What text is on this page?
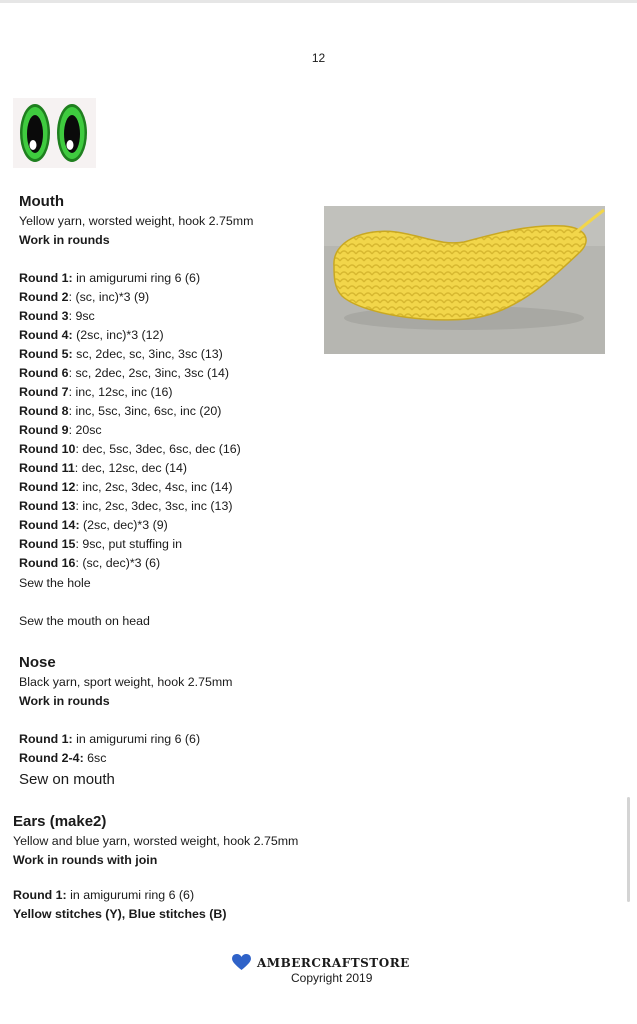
12
Mouth
Yellow yarn, worsted weight, hook 2.75mm
Work in rounds
Round 1: in amigurumi ring 6 (6)
Round 2: (sc, inc)*3 (9)
Round 3: 9sc
Round 4: (2sc, inc)*3 (12)
Round 5: sc, 2dec, sc, 3inc, 3sc (13)
Round 6: sc, 2dec, 2sc, 3inc, 3sc (14)
Round 7: inc, 12sc, inc (16)
Round 8: inc, 5sc, 3inc, 6sc, inc (20)
Round 9: 20sc
Round 10: dec, 5sc, 3dec, 6sc, dec (16)
Round 11: dec, 12sc, dec (14)
Round 12: inc, 2sc, 3dec, 4sc, inc (14)
Round 13: inc, 2sc, 3dec, 3sc, inc (13)
Round 14: (2sc, dec)*3 (9)
Round 15: 9sc, put stuffing in
Round 16: (sc, dec)*3 (6)
Sew the hole
Sew the mouth on head
Nose
Black yarn, sport weight, hook 2.75mm
Work in rounds
Round 1: in amigurumi ring 6 (6)
Round 2-4: 6sc
Sew on mouth
Ears (make2)
Yellow and blue yarn, worsted weight, hook 2.75mm
Work in rounds with join
Round 1: in amigurumi ring 6 (6)
Yellow stitches (Y), Blue stitches (B)
AMBERCRAFTSTORE
Copyright 2019
